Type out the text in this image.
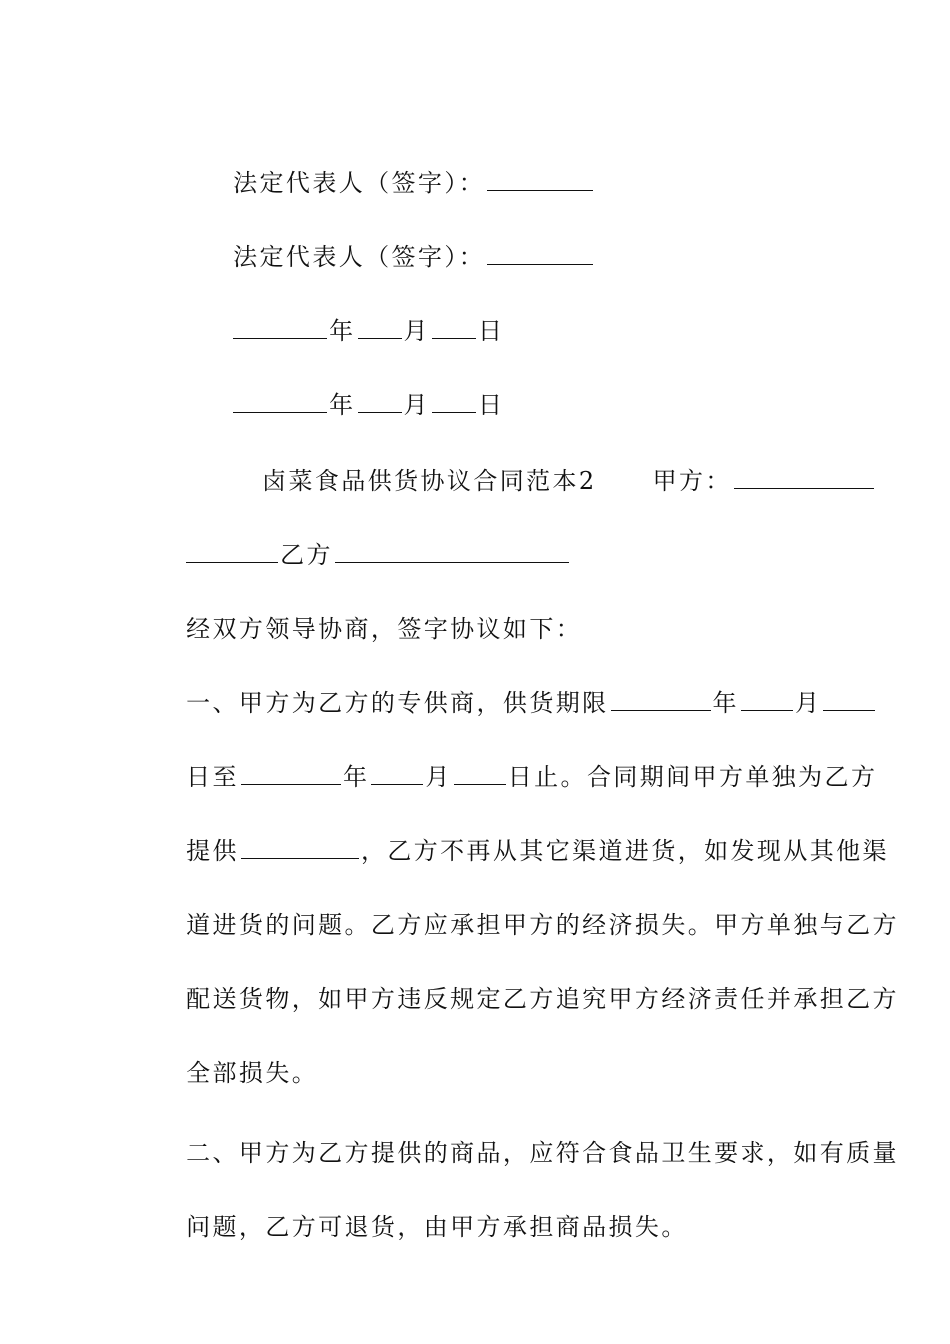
法定代表人（签字）：

法定代表人（签字）：

年 月 日

年 月 日

卤菜食品供货协议合同范本2 甲方：

乙方

经双方领导协商，签字协议如下：

一、甲方为乙方的专供商，供货期限	年 月

日至	年 月 日止。合同期间甲方单独为乙方

提供	，乙方不再从其它渠道进货，如发现从其他渠

道进货的问题。乙方应承担甲方的经济损失。甲方单独与乙方

配送货物，如甲方违反规定乙方追究甲方经济责任并承担乙方

全部损失。

二、甲方为乙方提供的商品，应符合食品卫生要求，如有质量

问题，乙方可退货，由甲方承担商品损失。
